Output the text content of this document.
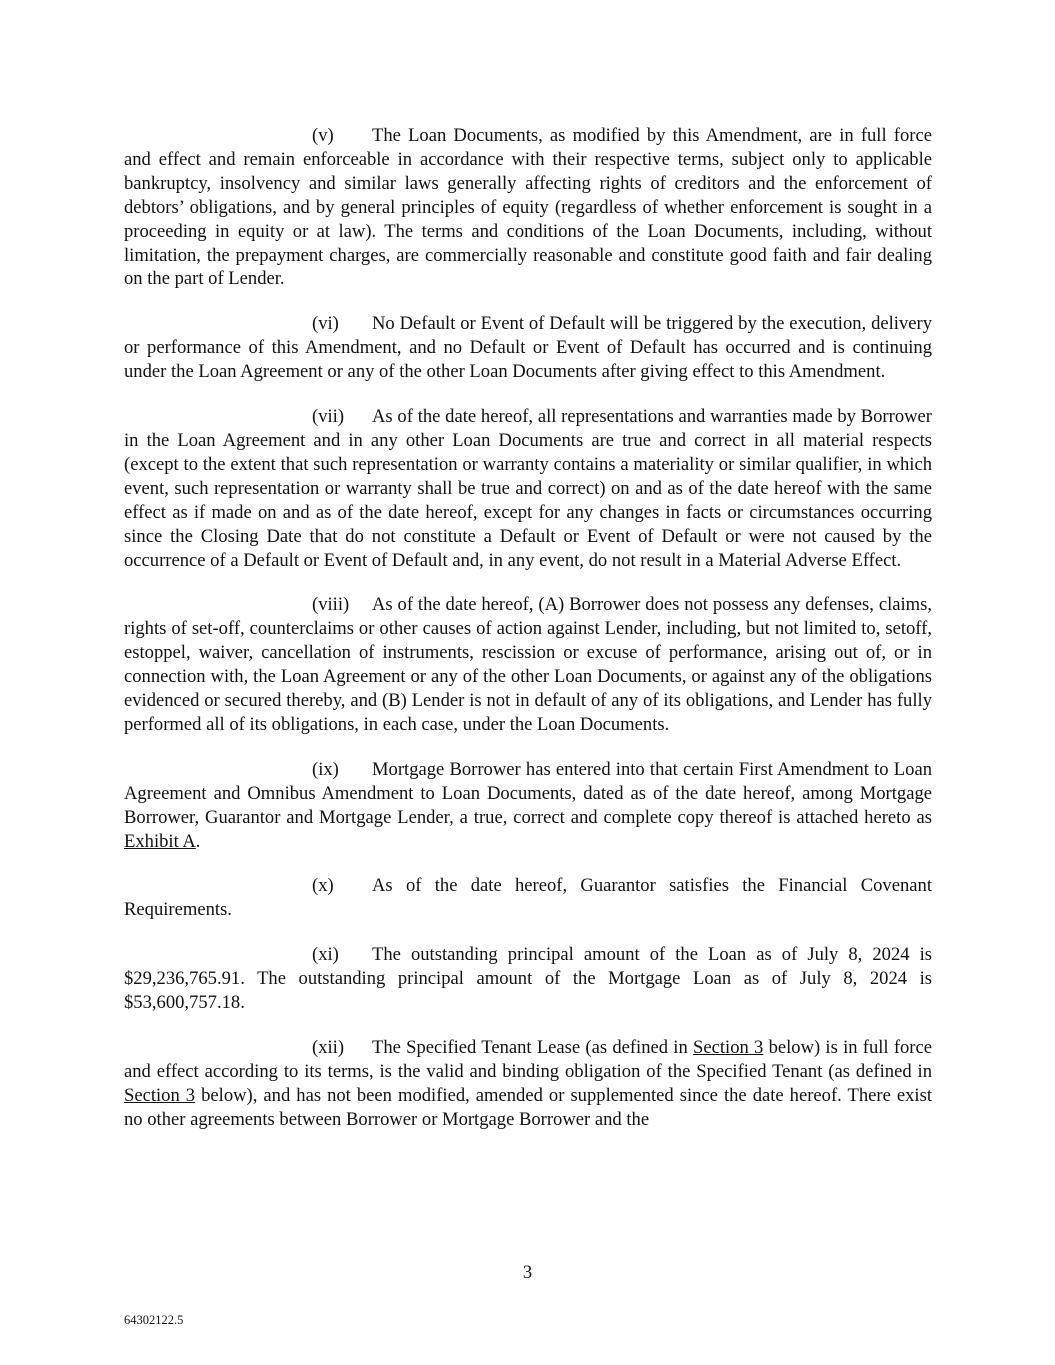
(v) The Loan Documents, as modified by this Amendment, are in full force and effect and remain enforceable in accordance with their respective terms, subject only to applicable bankruptcy, insolvency and similar laws generally affecting rights of creditors and the enforcement of debtors’ obligations, and by general principles of equity (regardless of whether enforcement is sought in a proceeding in equity or at law). The terms and conditions of the Loan Documents, including, without limitation, the prepayment charges, are commercially reasonable and constitute good faith and fair dealing on the part of Lender.

(vi) No Default or Event of Default will be triggered by the execution, delivery or performance of this Amendment, and no Default or Event of Default has occurred and is continuing under the Loan Agreement or any of the other Loan Documents after giving effect to this Amendment.

(vii) As of the date hereof, all representations and warranties made by Borrower in the Loan Agreement and in any other Loan Documents are true and correct in all material respects (except to the extent that such representation or warranty contains a materiality or similar qualifier, in which event, such representation or warranty shall be true and correct) on and as of the date hereof with the same effect as if made on and as of the date hereof, except for any changes in facts or circumstances occurring since the Closing Date that do not constitute a Default or Event of Default or were not caused by the occurrence of a Default or Event of Default and, in any event, do not result in a Material Adverse Effect.

(viii) As of the date hereof, (A) Borrower does not possess any defenses, claims, rights of set-off, counterclaims or other causes of action against Lender, including, but not limited to, setoff, estoppel, waiver, cancellation of instruments, rescission or excuse of performance, arising out of, or in connection with, the Loan Agreement or any of the other Loan Documents, or against any of the obligations evidenced or secured thereby, and (B) Lender is not in default of any of its obligations, and Lender has fully performed all of its obligations, in each case, under the Loan Documents.

(ix) Mortgage Borrower has entered into that certain First Amendment to Loan Agreement and Omnibus Amendment to Loan Documents, dated as of the date hereof, among Mortgage Borrower, Guarantor and Mortgage Lender, a true, correct and complete copy thereof is attached hereto as Exhibit A.

(x) As of the date hereof, Guarantor satisfies the Financial Covenant
Requirements.

(xi) The outstanding principal amount of the Loan as of July 8, 2024 is $29,236,765.91. The outstanding principal amount of the Mortgage Loan as of July 8, 2024 is $53,600,757.18.

(xii) The Specified Tenant Lease (as defined in Section 3 below) is in full force and effect according to its terms, is the valid and binding obligation of the Specified Tenant (as defined in Section 3 below), and has not been modified, amended or supplemented since the date hereof. There exist no other agreements between Borrower or Mortgage Borrower and the

3
64302122.5
